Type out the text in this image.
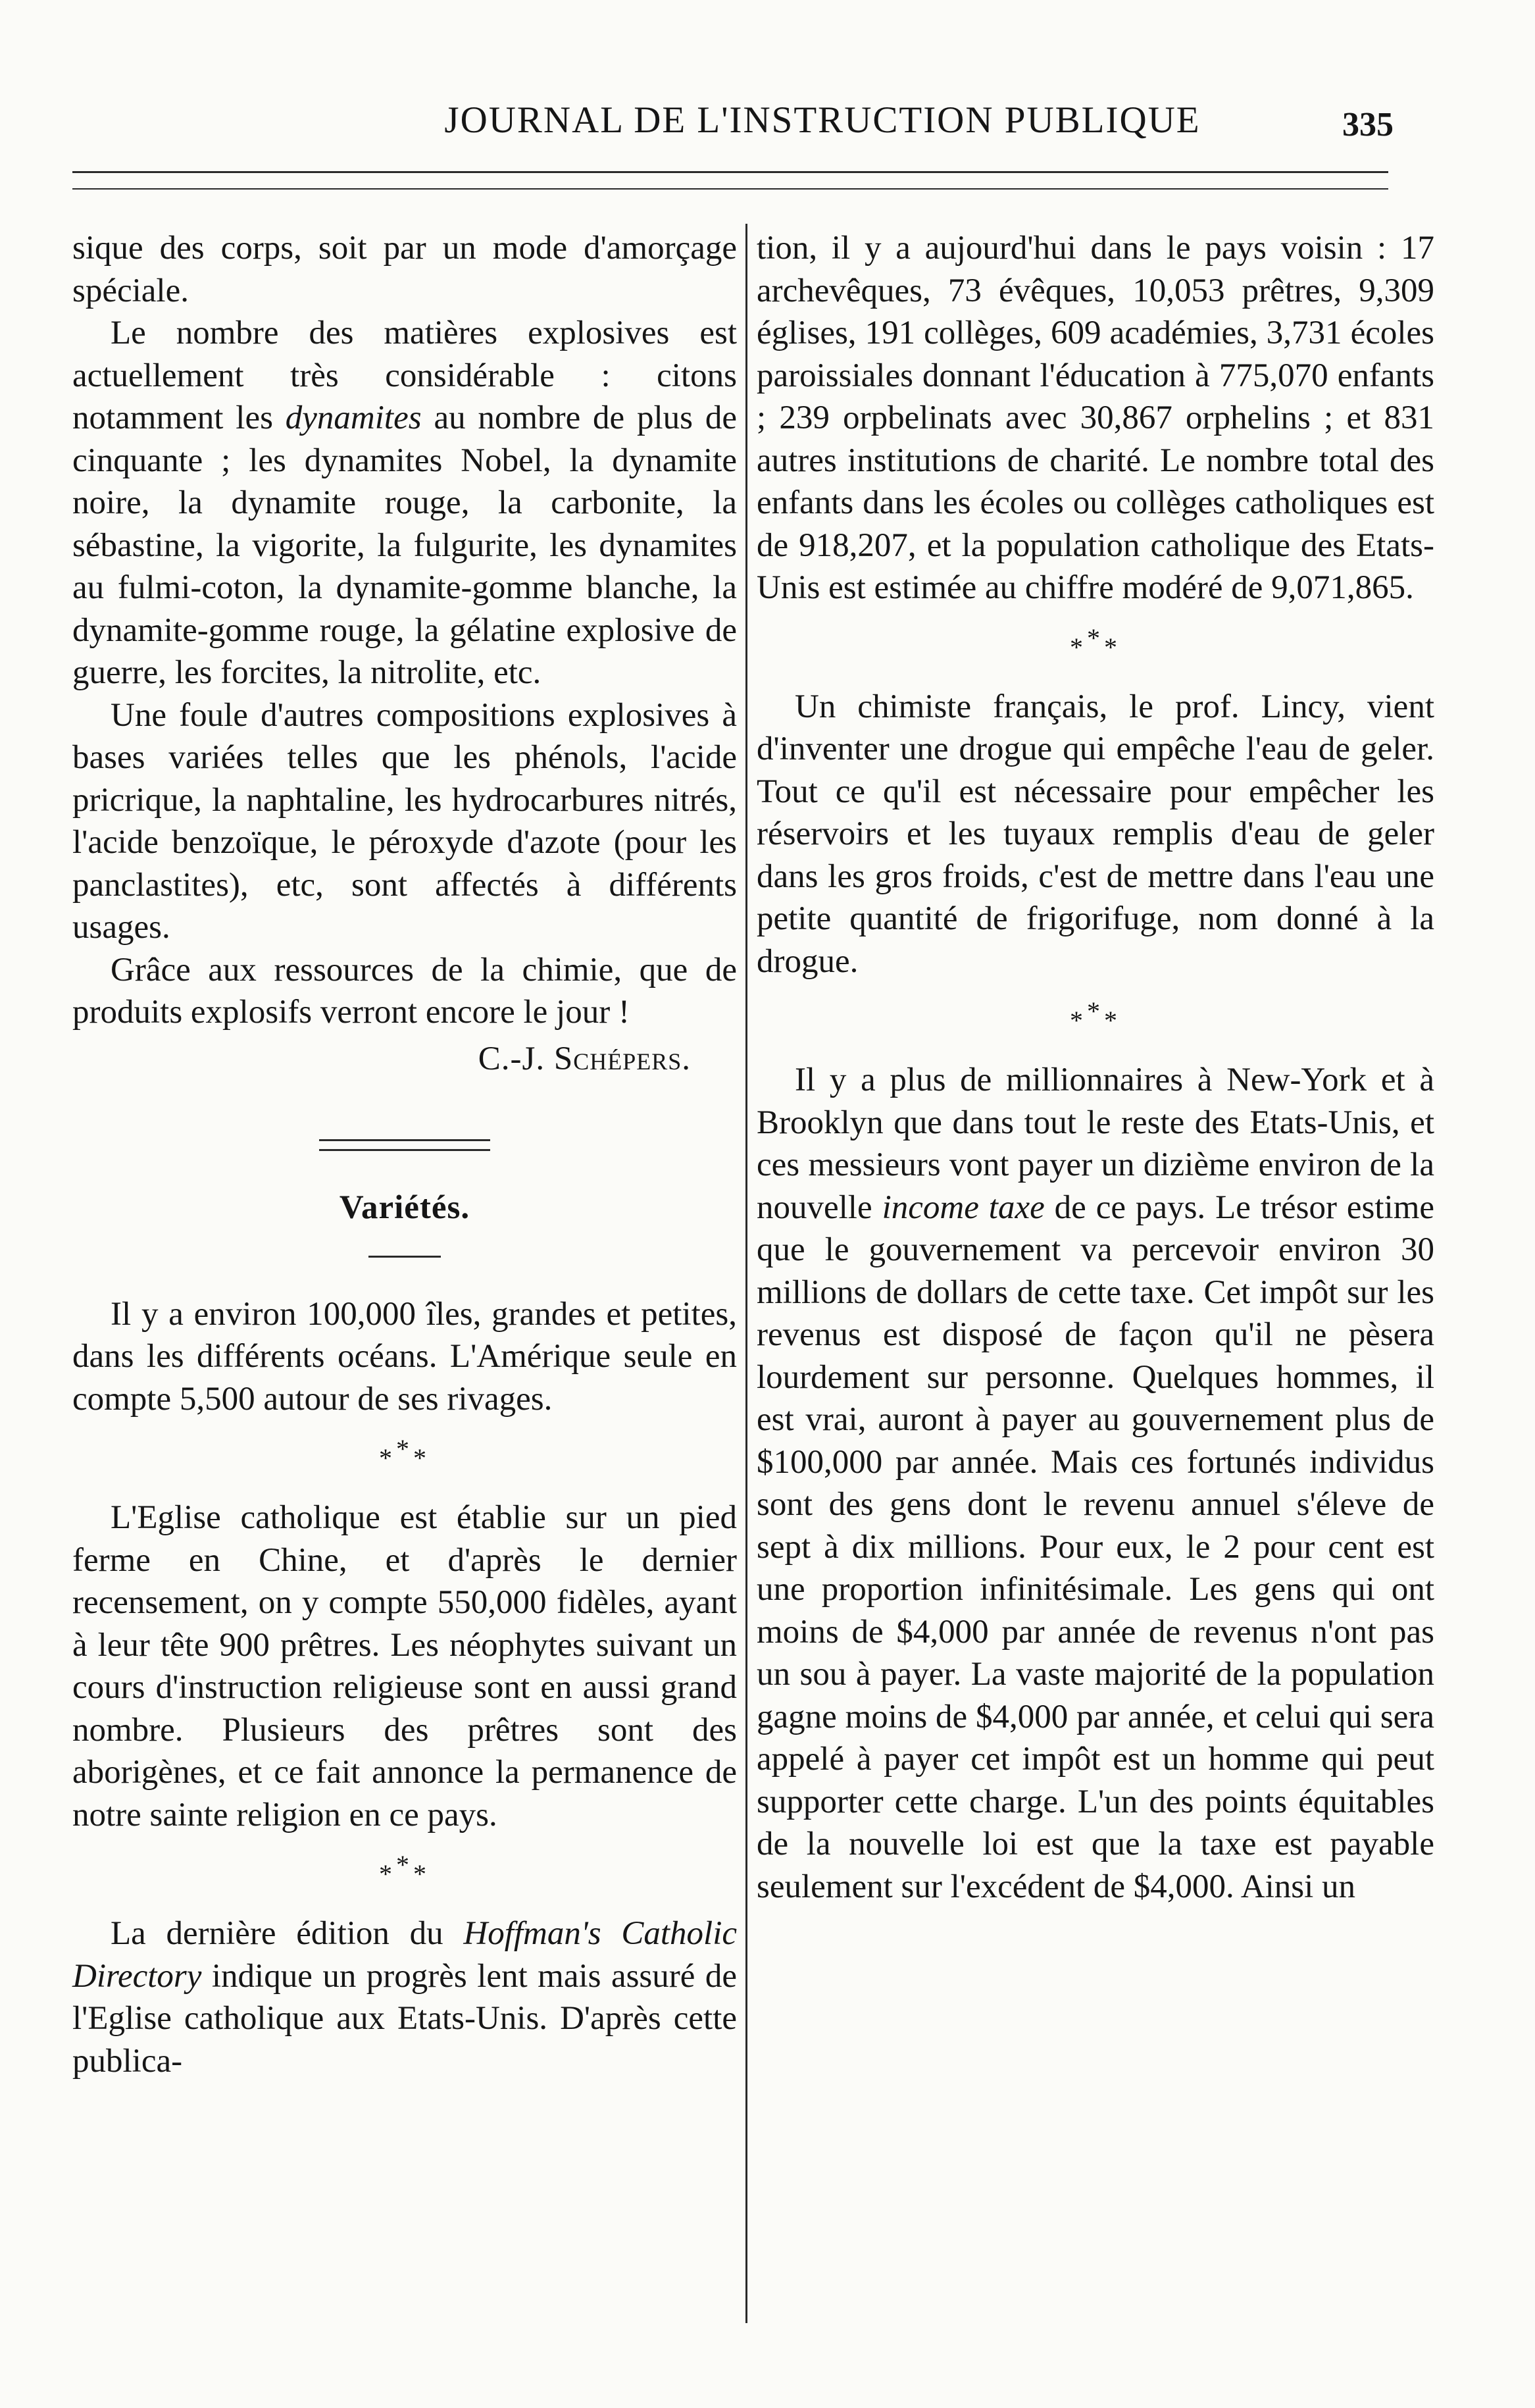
JOURNAL DE L'INSTRUCTION PUBLIQUE	335

sique des corps, soit par un mode d'amorçage spéciale.

Le nombre des matières explosives est actuellement très considérable : citons notamment les dynamites au nombre de plus de cinquante ; les dynamites Nobel, la dynamite noire, la dynamite rouge, la carbonite, la sébastine, la vigorite, la fulgurite, les dynamites au fulmi-coton, la dynamite-gomme blanche, la dynamite-gomme rouge, la gélatine explosive de guerre, les forcites, la nitrolite, etc.

Une foule d'autres compositions explosives à bases variées telles que les phénols, l'acide pricrique, la naphtaline, les hydrocarbures nitrés, l'acide benzoïque, le péroxyde d'azote (pour les panclastites), etc, sont affectés à différents usages.

Grâce aux ressources de la chimie, que de produits explosifs verront encore le jour !

C.-J. Schépers.
Variétés.

Il y a environ 100,000 îles, grandes et petites, dans les différents océans. L'Amérique seule en compte 5,500 autour de ses rivages.

***

L'Eglise catholique est établie sur un pied ferme en Chine, et d'après le dernier recensement, on y compte 550,000 fidèles, ayant à leur tête 900 prêtres. Les néophytes suivant un cours d'instruction religieuse sont en aussi grand nombre. Plusieurs des prêtres sont des aborigènes, et ce fait annonce la permanence de notre sainte religion en ce pays.

***

La dernière édition du Hoffman's Catholic Directory indique un progrès lent mais assuré de l'Eglise catholique aux Etats-Unis. D'après cette publica-

tion, il y a aujourd'hui dans le pays voisin : 17 archevêques, 73 évêques, 10,053 prêtres, 9,309 églises, 191 collèges, 609 académies, 3,731 écoles paroissiales donnant l'éducation à 775,070 enfants ; 239 orpbelinats avec 30,867 orphelins ; et 831 autres institutions de charité. Le nombre total des enfants dans les écoles ou collèges catholiques est de 918,207, et la population catholique des Etats-Unis est estimée au chiffre modéré de 9,071,865.

***

Un chimiste français, le prof. Lincy, vient d'inventer une drogue qui empêche l'eau de geler. Tout ce qu'il est nécessaire pour empêcher les réservoirs et les tuyaux remplis d'eau de geler dans les gros froids, c'est de mettre dans l'eau une petite quantité de frigorifuge, nom donné à la drogue.

***

Il y a plus de millionnaires à New-York et à Brooklyn que dans tout le reste des Etats-Unis, et ces messieurs vont payer un dizième environ de la nouvelle income taxe de ce pays. Le trésor estime que le gouvernement va percevoir environ 30 millions de dollars de cette taxe. Cet impôt sur les revenus est disposé de façon qu'il ne pèsera lourdement sur personne. Quelques hommes, il est vrai, auront à payer au gouvernement plus de $100,000 par année. Mais ces fortunés individus sont des gens dont le revenu annuel s'éleve de sept à dix millions. Pour eux, le 2 pour cent est une proportion infinitésimale. Les gens qui ont moins de $4,000 par année de revenus n'ont pas un sou à payer. La vaste majorité de la population gagne moins de $4,000 par année, et celui qui sera appelé à payer cet impôt est un homme qui peut supporter cette charge. L'un des points équitables de la nouvelle loi est que la taxe est payable seulement sur l'excédent de $4,000. Ainsi un
